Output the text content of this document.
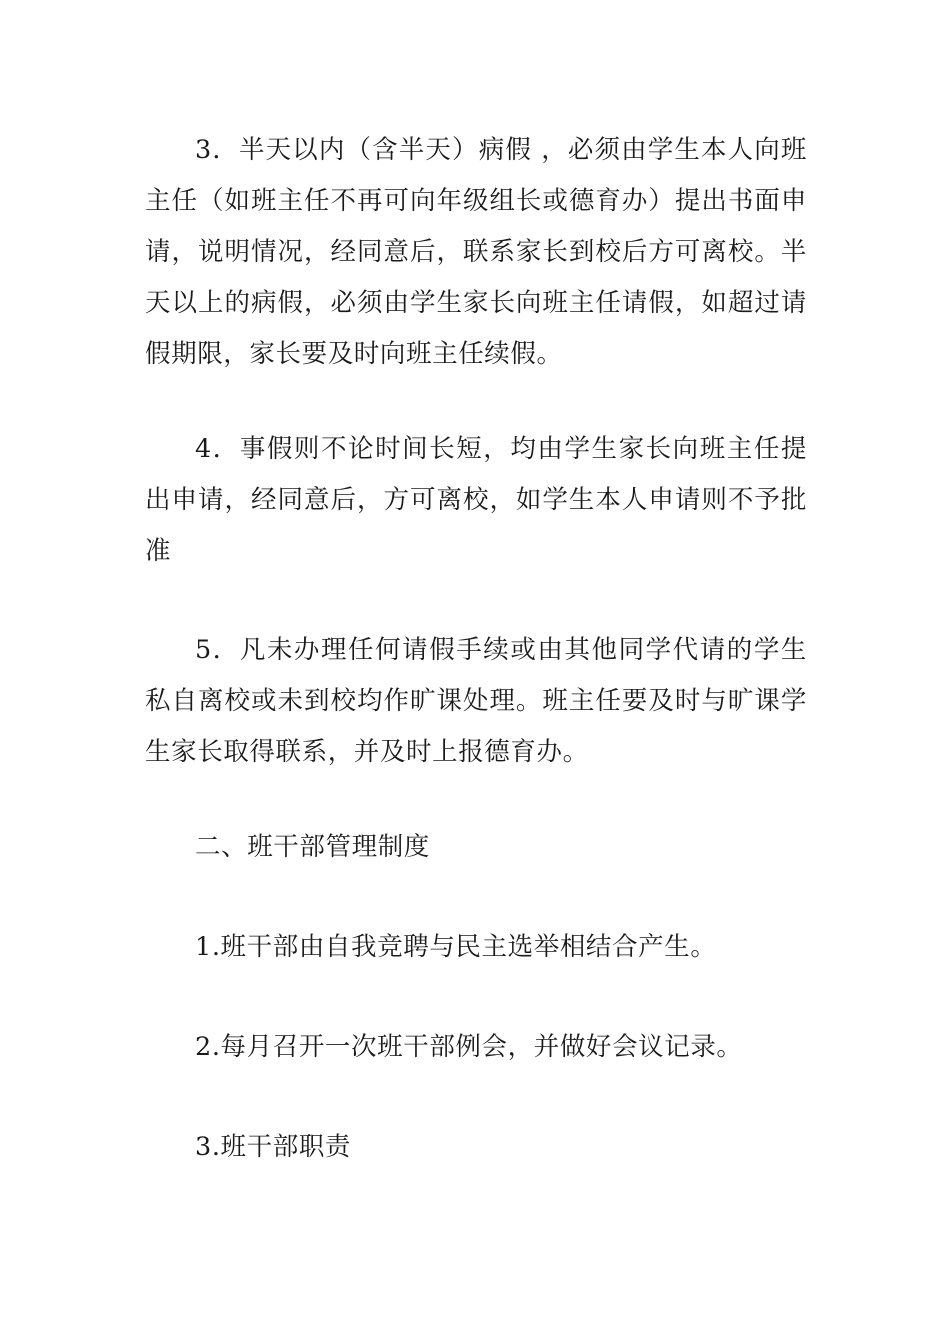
3．半天以内（含半天）病假 ，必须由学生本人向班主任（如班主任不再可向年级组长或德育办）提出书面申请，说明情况，经同意后，联系家长到校后方可离校。半天以上的病假，必须由学生家长向班主任请假，如超过请假期限，家长要及时向班主任续假。

4．事假则不论时间长短，均由学生家长向班主任提出申请，经同意后，方可离校，如学生本人申请则不予批准

5．凡未办理任何请假手续或由其他同学代请的学生私自离校或未到校均作旷课处理。班主任要及时与旷课学生家长取得联系，并及时上报德育办。

二、班干部管理制度

1.班干部由自我竞聘与民主选举相结合产生。

2.每月召开一次班干部例会，并做好会议记录。

3.班干部职责
